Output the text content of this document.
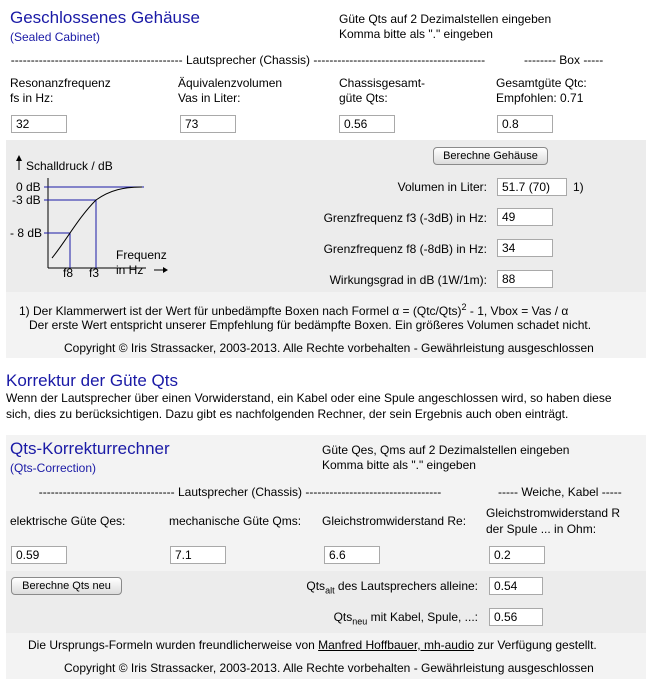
Geschlossenes Gehäuse
(Sealed Cabinet)
Güte Qts auf 2 Dezimalstellen eingeben
Komma bitte als "." eingeben
------------------------------------------- Lautsprecher (Chassis) -------------------------------------------	-------- Box -----
Resonanzfrequenz
fs in Hz:
32
Äquivalenzvolumen
Vas in Liter:
73
Chassisgesamt-
güte Qts:
0.56
Gesamtgüte Qtc:
Empfohlen: 0.71
0.8
Schalldruck / dB
0 dB
-3 dB
- 8 dB
f8 f3
Frequenz
in Hz
Berechne Gehäuse
Volumen in Liter:
51.7 (70)	1)
Grenzfrequenz f3 (-3dB) in Hz:
49
Grenzfrequenz f8 (-8dB) in Hz:
34
Wirkungsgrad in dB (1W/1m):
88
1) Der Klammerwert ist der Wert für unbedämpfte Boxen nach Formel $\alpha = (Qtc/Qts)^2 - 1$, Vbox = Vas / α
Der erste Wert entspricht unserer Empfehlung für bedämpfte Boxen. Ein größeres Volumen schadet nicht.
Copyright © Iris Strassacker, 2003-2013. Alle Rechte vorbehalten - Gewährleistung ausgeschlossen
Korrektur der Güte Qts
Wenn der Lautsprecher über einen Vorwiderstand, ein Kabel oder eine Spule angeschlossen wird, so haben diese
sich, dies zu berücksichtigen. Dazu gibt es nachfolgenden Rechner, der sein Ergebnis auch oben einträgt.
Qts-Korrekturrechner
(Qts-Correction)
Güte Qes, Qms auf 2 Dezimalstellen eingeben
Komma bitte als "." eingeben
---------------------------------- Lautsprecher (Chassis) ----------------------------------	----- Weiche, Kabel -----
elektrische Güte Qes:
0.59	mechanische Güte Qms:
7.1 Gleichstromwiderstand Re:
6.6
Gleichstromwiderstand R
der Spule ... in Ohm:
0.2
Berechne Qts neu	Qts$_{alt}$ des Lautsprechers alleine:
0.54
Qts$_{neu}$ mit Kabel, Spule, ...:
0.56
Die Ursprungs-Formeln wurden freundlicherweise von Manfred Hoffbauer, mh-audio zur Verfügung gestellt.
Copyright © Iris Strassacker, 2003-2013. Alle Rechte vorbehalten - Gewährleistung ausgeschlossen
